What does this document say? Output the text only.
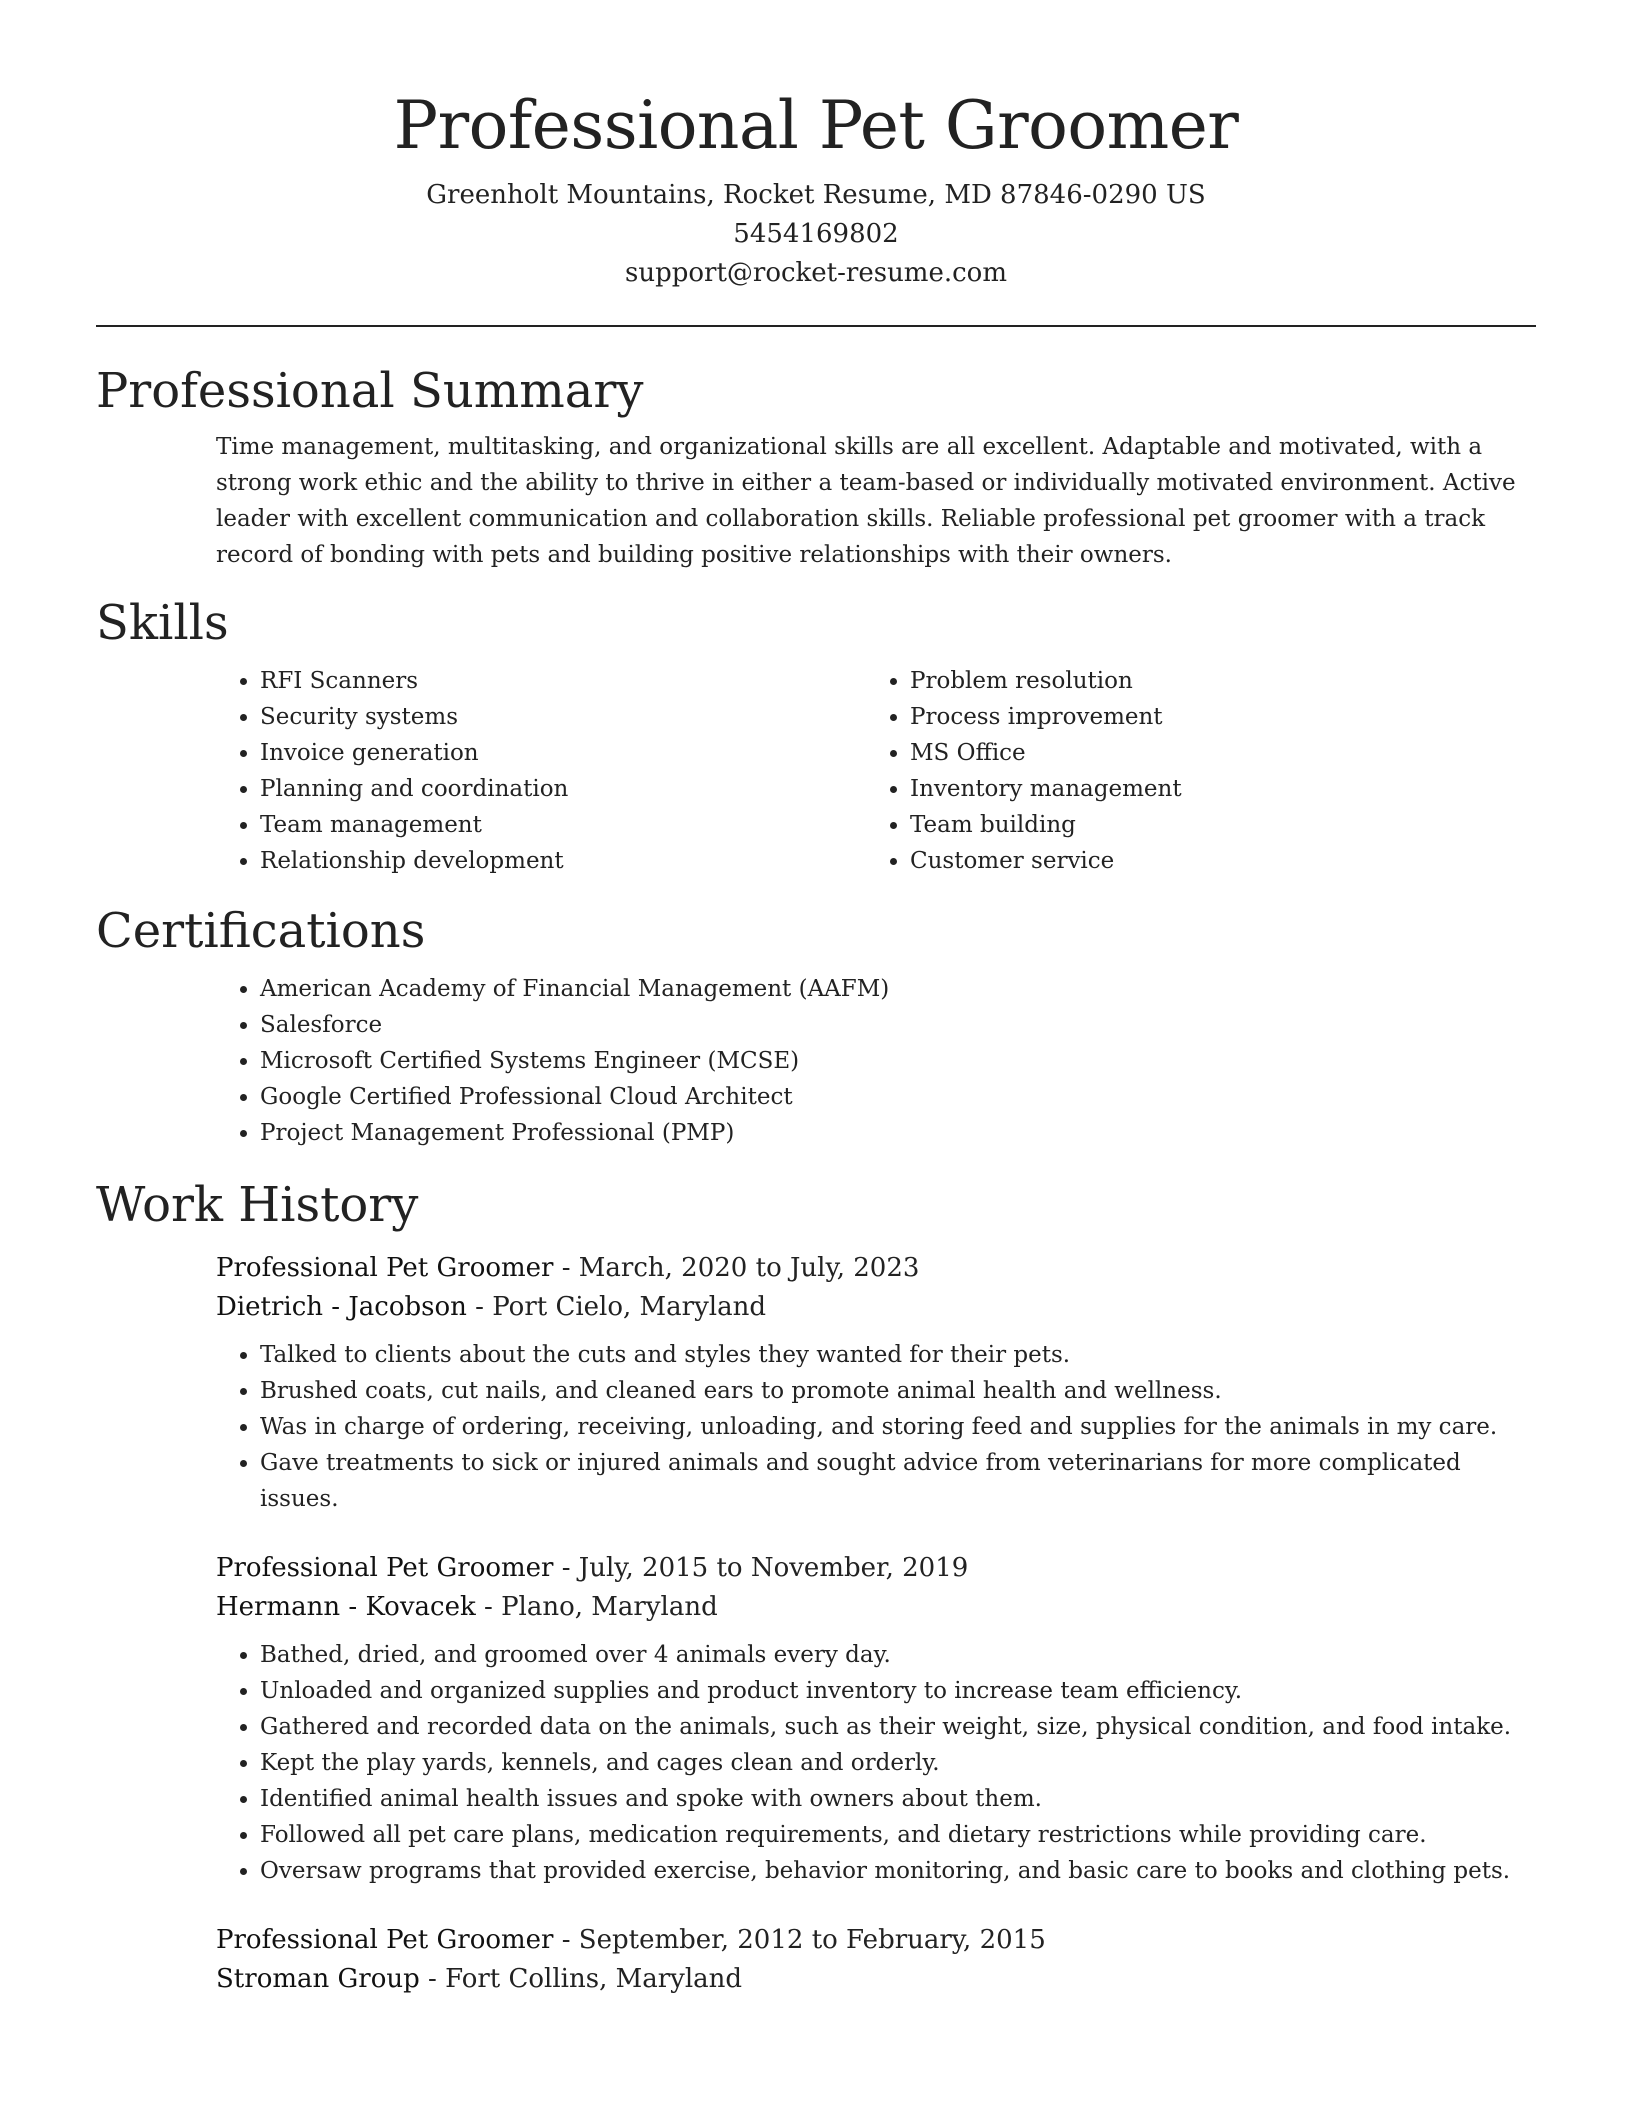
Professional Pet Groomer
Greenholt Mountains, Rocket Resume, MD 87846-0290 US
5454169802
support@rocket-resume.com
Professional Summary

Time management, multitasking, and organizational skills are all excellent. Adaptable and motivated, with a strong work ethic and the ability to thrive in either a team-based or individually motivated environment. Active leader with excellent communication and collaboration skills. Reliable professional pet groomer with a track record of bonding with pets and building positive relationships with their owners.

Skills
• RFI Scanners
• Security systems
• Invoice generation
• Planning and coordination
• Team management
• Relationship development
• Problem resolution
• Process improvement
• MS Office
• Inventory management
• Team building
• Customer service
Certifications
• American Academy of Financial Management (AAFM)
• Salesforce
• Microsoft Certified Systems Engineer (MCSE)
• Google Certified Professional Cloud Architect
• Project Management Professional (PMP)
Work History
Professional Pet Groomer - March, 2020 to July, 2023
Dietrich - Jacobson - Port Cielo, Maryland
• Talked to clients about the cuts and styles they wanted for their pets.
• Brushed coats, cut nails, and cleaned ears to promote animal health and wellness.
• Was in charge of ordering, receiving, unloading, and storing feed and supplies for the animals in my care.
• Gave treatments to sick or injured animals and sought advice from veterinarians for more complicated issues.
Professional Pet Groomer - July, 2015 to November, 2019
Hermann - Kovacek - Plano, Maryland
• Bathed, dried, and groomed over 4 animals every day.
• Unloaded and organized supplies and product inventory to increase team efficiency.
• Gathered and recorded data on the animals, such as their weight, size, physical condition, and food intake.
• Kept the play yards, kennels, and cages clean and orderly.
• Identified animal health issues and spoke with owners about them.
• Followed all pet care plans, medication requirements, and dietary restrictions while providing care.
• Oversaw programs that provided exercise, behavior monitoring, and basic care to books and clothing pets.
Professional Pet Groomer - September, 2012 to February, 2015
Stroman Group - Fort Collins, Maryland
